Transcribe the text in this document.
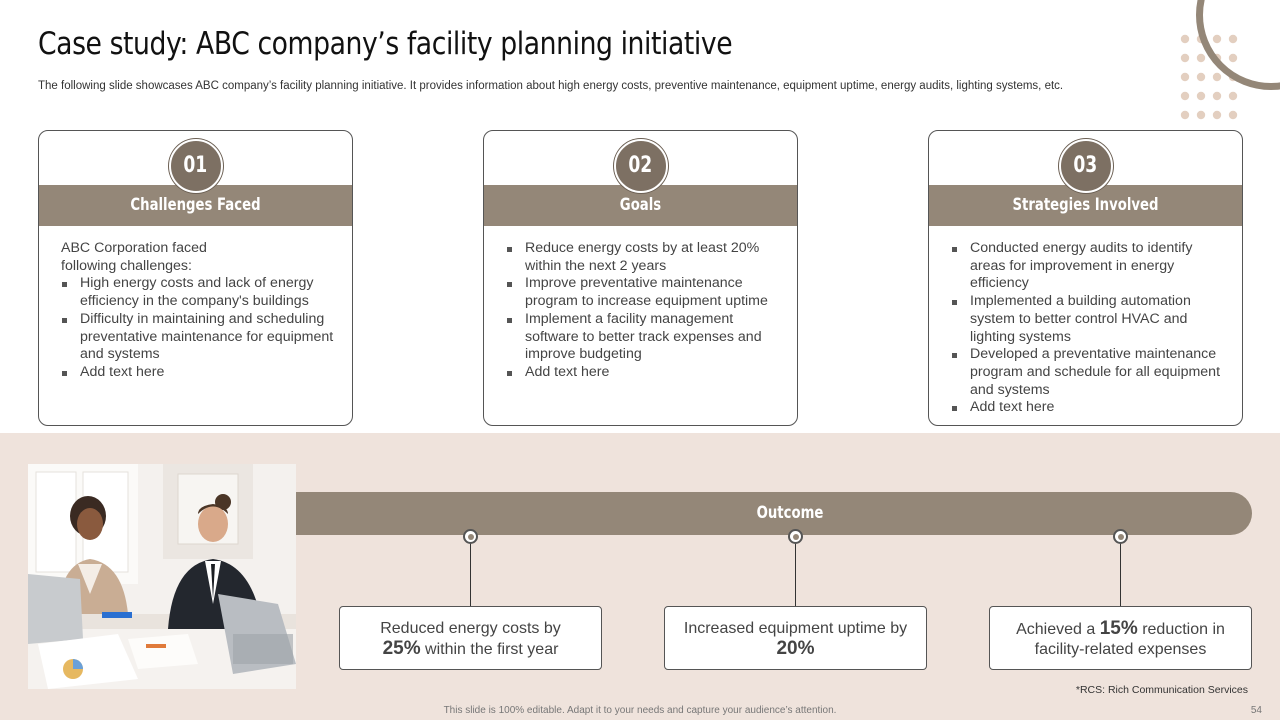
Case study: ABC company’s facility planning initiative
The following slide showcases ABC company’s facility planning initiative. It provides information about high energy costs, preventive maintenance, equipment uptime, energy audits, lighting systems, etc.
Challenges Faced
01
ABC Corporation faced
following challenges:
High energy costs and lack of energy efficiency in the company's buildings
Difficulty in maintaining and scheduling preventative maintenance for equipment and systems
Add text here
Goals
02
Reduce energy costs by at least 20% within the next 2 years
Improve preventative maintenance program to increase equipment uptime
Implement a facility management software to better track expenses and improve budgeting
Add text here
Strategies Involved
03
Conducted energy audits to identify areas for improvement in energy efficiency
Implemented a building automation system to better control HVAC and lighting systems
Developed a preventative maintenance program and schedule for all equipment and systems
Add text here
Outcome
Reduced energy costs by
25% within the first year
Increased equipment uptime by 20%
Achieved a 15% reduction in facility-related expenses
*RCS: Rich Communication Services
This slide is 100% editable. Adapt it to your needs and capture your audience’s attention.	54
